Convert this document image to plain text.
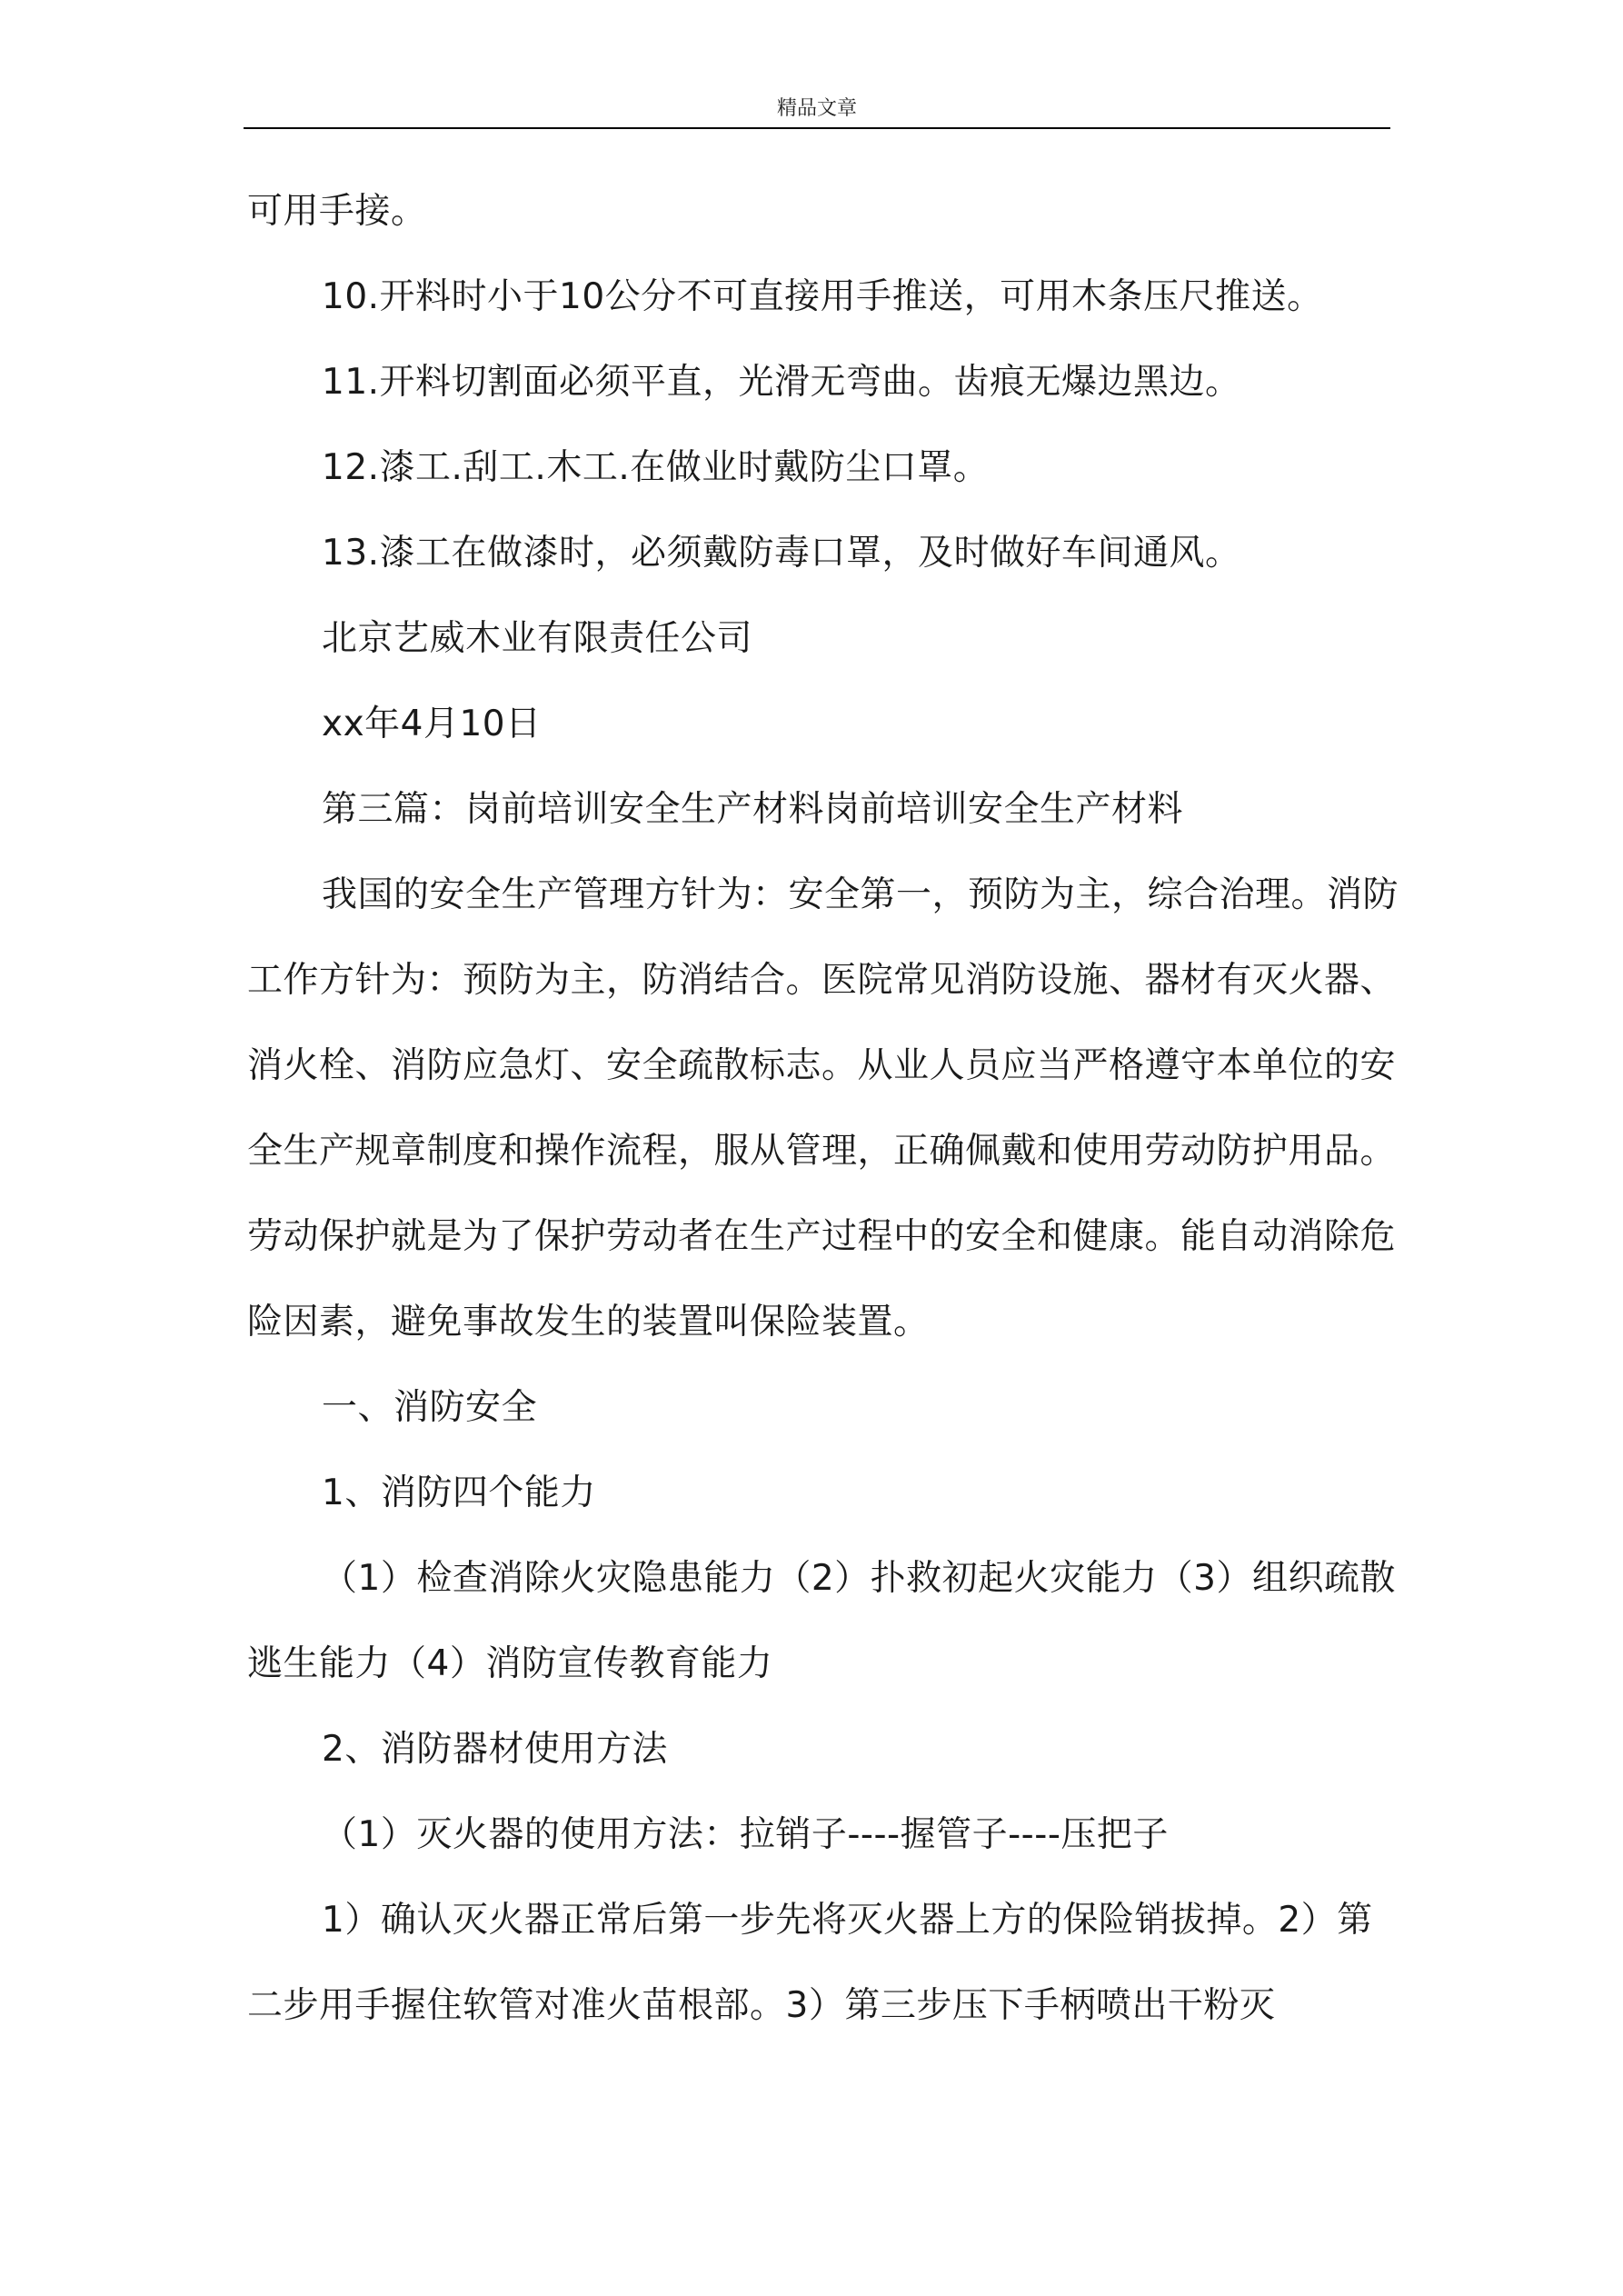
精品文章

可用手接。

10.开料时小于10公分不可直接用手推送，可用木条压尺推送。

11.开料切割面必须平直，光滑无弯曲。齿痕无爆边黑边。

12.漆工.刮工.木工.在做业时戴防尘口罩。

13.漆工在做漆时，必须戴防毒口罩，及时做好车间通风。

北京艺威木业有限责任公司

xx年4月10日

第三篇：岗前培训安全生产材料岗前培训安全生产材料

我国的安全生产管理方针为：安全第一，预防为主，综合治理。消防工作方针为：预防为主，防消结合。医院常见消防设施、器材有灭火器、消火栓、消防应急灯、安全疏散标志。从业人员应当严格遵守本单位的安全生产规章制度和操作流程，服从管理，正确佩戴和使用劳动防护用品。劳动保护就是为了保护劳动者在生产过程中的安全和健康。能自动消除危险因素，避免事故发生的装置叫保险装置。

一、消防安全

1、消防四个能力

（1）检查消除火灾隐患能力（2）扑救初起火灾能力（3）组织疏散逃生能力（4）消防宣传教育能力

2、消防器材使用方法

（1）灭火器的使用方法：拉销子----握管子----压把子

1）确认灭火器正常后第一步先将灭火器上方的保险销拔掉。2）第二步用手握住软管对准火苗根部。3）第三步压下手柄喷出干粉灭
